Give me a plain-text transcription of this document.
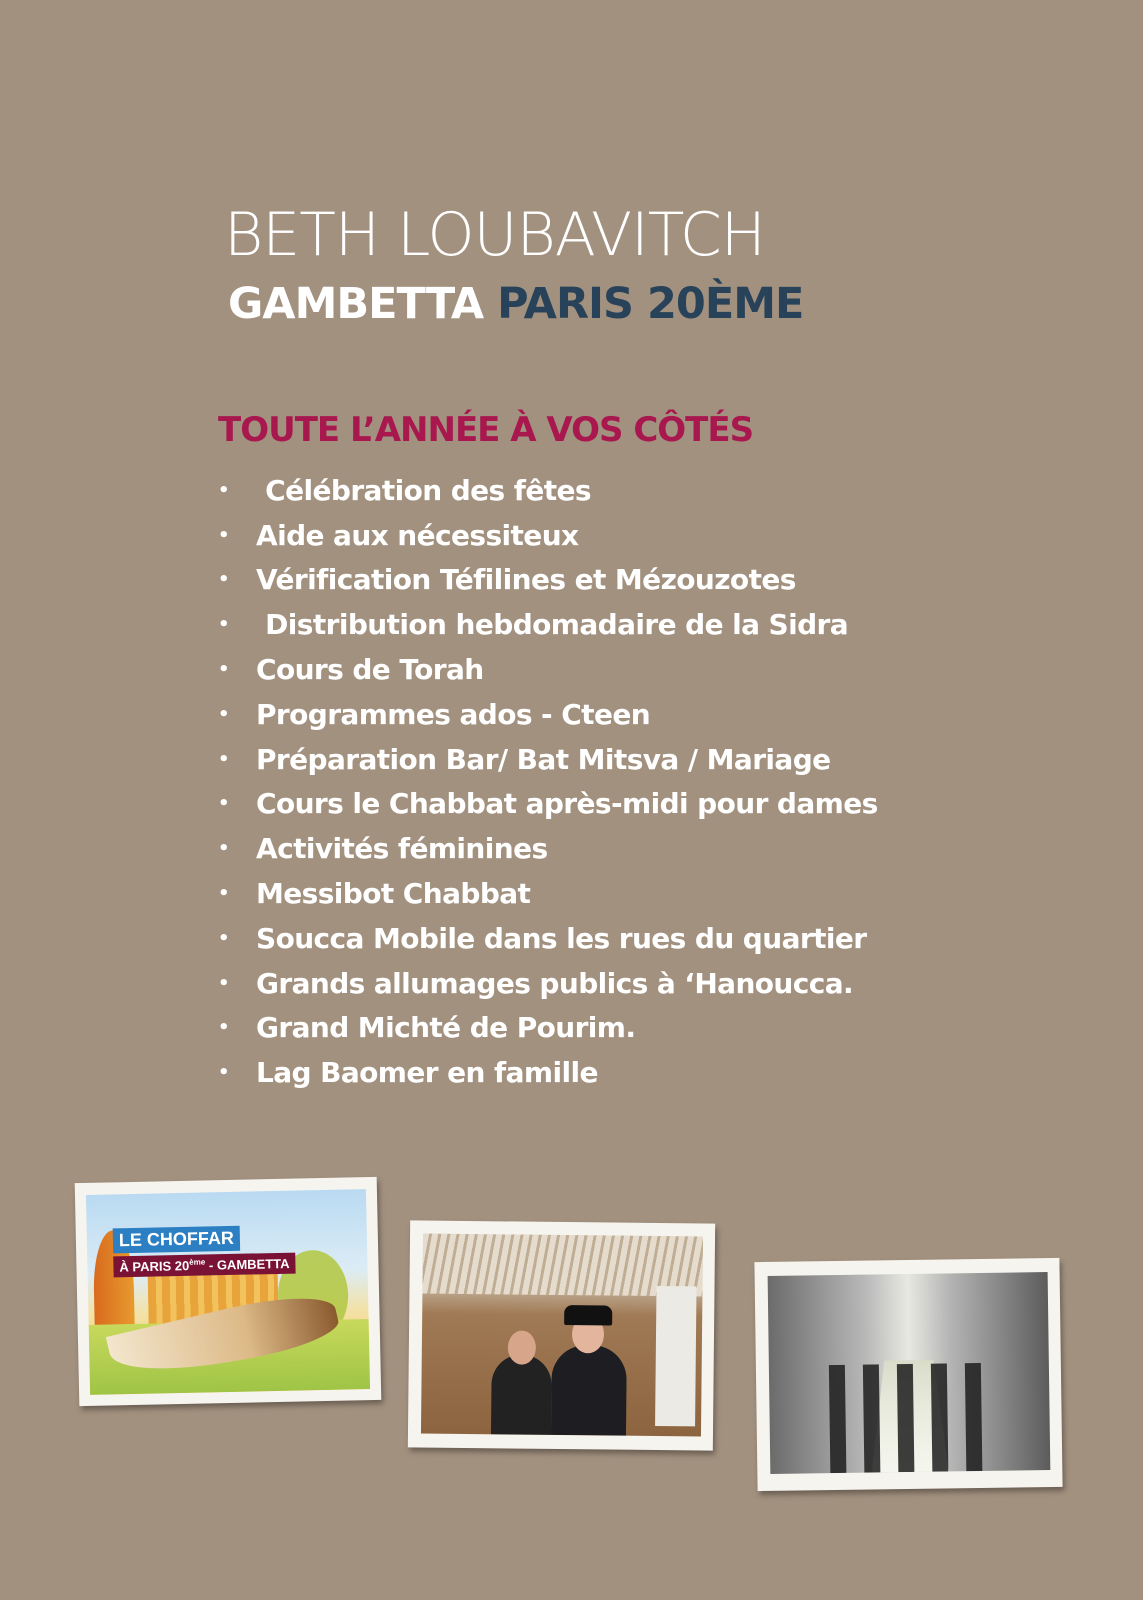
BETH LOUBAVITCH
GAMBETTA PARIS 20ÈME
TOUTE L’ANNÉE À VOS CÔTÉS
• Célébration des fêtes
• Aide aux nécessiteux
• Vérification Téfilines et Mézouzotes
• Distribution hebdomadaire de la Sidra
• Cours de Torah
• Programmes ados - Cteen
• Préparation Bar/ Bat Mitsva / Mariage
• Cours le Chabbat après-midi pour dames
• Activités féminines
• Messibot Chabbat
• Soucca Mobile dans les rues du quartier
• Grands allumages publics à ‘Hanoucca.
• Grand Michté de Pourim.
• Lag Baomer en famille
LE CHOFFAR
À PARIS 20ème - GAMBETTA
